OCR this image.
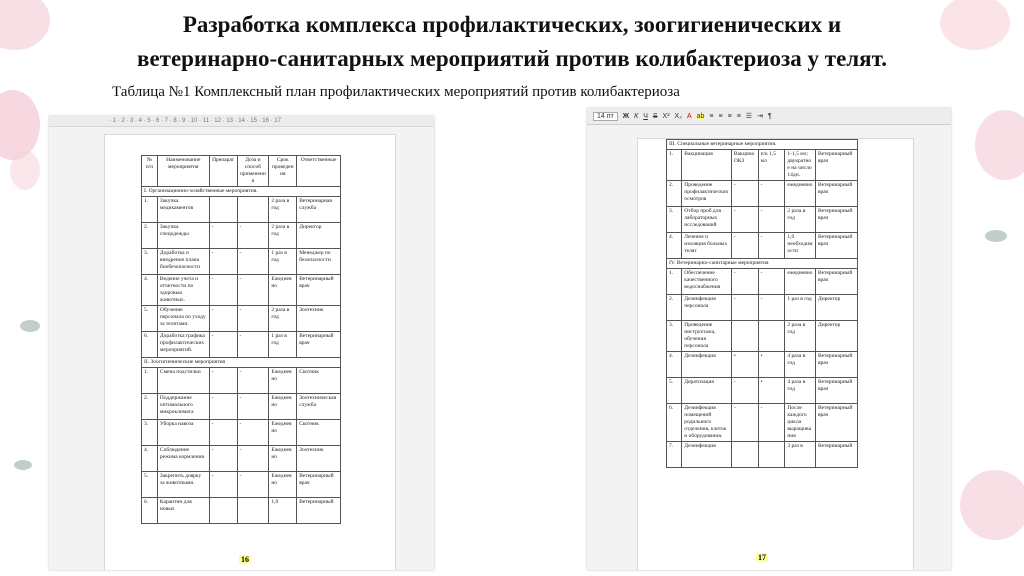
Разработка комплекса профилактических, зоогигиенических и
ветеринарно-санитарных мероприятий против колибактериоза у телят.
Таблица №1 Комплексный план профилактических мероприятий против колибактериоза
· 1 · 2 · 3 · 4 · 5 · 6 · 7 · 8 · 9 · 10 · 11 · 12 · 13 · 14 · 15 · 16 · 17
№ п/п	Наименование мероприятия	Препарат	Доза и способ применения	Срок проведения	Ответственные
I. Организационно-хозяйственные мероприятия.					
1.	Закупка медикаментов			2 раза в год	Ветеринарная служба
2.	Закупка спецодежды	-	-	2 раза в год	Директор
3.	Доработка и внедрение плана биобезопасности	-	-	1 раз в год	Менеджер по безопасности
4.	Ведение учета и отчетности по здоровью животных.	-	-	Ежедневно	Ветеринарный врач
5.	Обучение персонала по уходу за телятами.	-	-	2 раза в год	Зоотехник
6.	Доработка графика профилактических мероприятий.	-	-	1 раз в год	Ветеринарный врач
II. Зоогигиенические мероприятия					
1.	Смена подстилки	-	-	Ежедневно	Скотник
2.	Поддержание оптимального микроклимата	-	-	Ежедневно	Зоотехническая служба
3.	Уборка навоза	-	-	Ежедневно	Скотник
4.	Соблюдение режима кормления	-	-	Ежедневно	Зоотехник
5.	Закрепить доярку за животными.	-	-	Ежедневно	Ветеринарный врач
6.	Карантин для новых			1,0	Ветеринарный
16
14 пт	Ж К Ч S X² X₂ A ab ≡ ≡ ≡ ≡ ☰ ⇥ ¶
III. Специальные ветеринарные мероприятия.					
1.	Вакцинация	Вакцина ОКЗ	п/к 1,5 мл	1-1,5 мл; двукратное на число 14дн.	Ветеринарный врач
2.	Проведение профилактических осмотров	-	-	ежедневно	Ветеринарный врач
3.	Отбор проб для лабораторных исследований	-	-	2 раза в год	Ветеринарный врач
4.	Лечение и изоляция больных телят	-	-	1,0 необходимости	Ветеринарный врач
IV. Ветеринарно-санитарные мероприятия					
1.	Обеспечение качественного водоснабжения	-	-	ежедневно	Ветеринарный врач
2.	Дезинфекция персонала	-	-	1 раз в год	Директор
3.	Проведение инструктажа, обучения персонала			2 раза в год	Директор
4.	Дезинфекция	•	•	4 раза в год	Ветеринарный врач
5.	Дератизация	-	•	4 раза в год	Ветеринарный врач
6.	Дезинфекция помещений родильного отделения, клеток и оборудования.	-	-	После каждого цикла выращивания	Ветеринарный врач
7.	Дезинфекция			3 раз в	Ветеринарный
17
